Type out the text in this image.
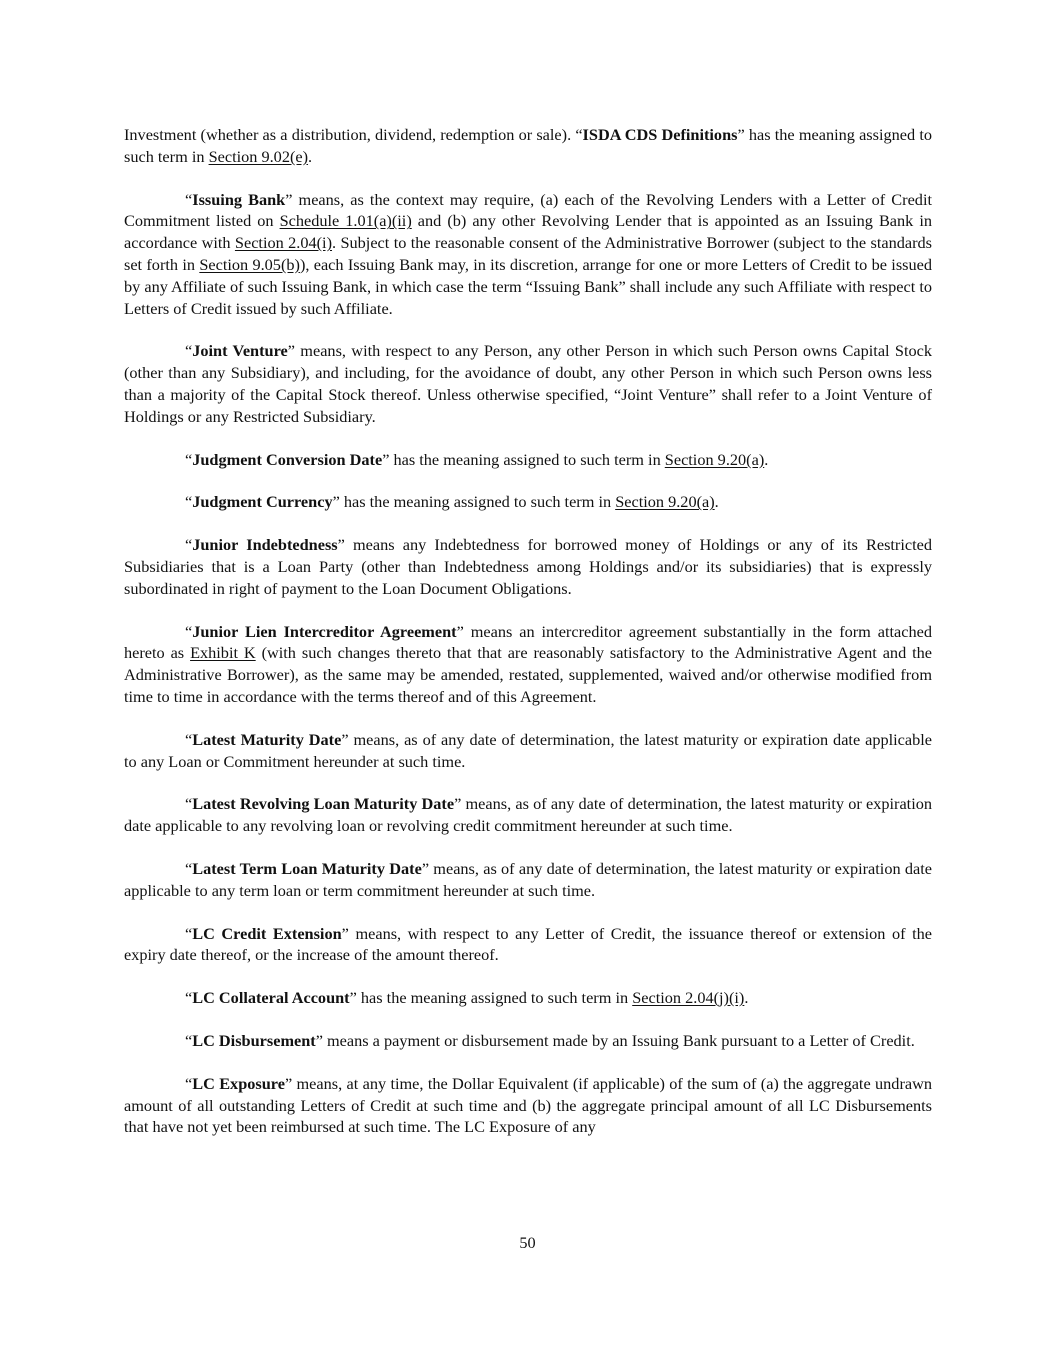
Investment (whether as a distribution, dividend, redemption or sale). “ISDA CDS Definitions” has the meaning assigned to such term in Section 9.02(e).

“Issuing Bank” means, as the context may require, (a) each of the Revolving Lenders with a Letter of Credit Commitment listed on Schedule 1.01(a)(ii) and (b) any other Revolving Lender that is appointed as an Issuing Bank in accordance with Section 2.04(i). Subject to the reasonable consent of the Administrative Borrower (subject to the standards set forth in Section 9.05(b)), each Issuing Bank may, in its discretion, arrange for one or more Letters of Credit to be issued by any Affiliate of such Issuing Bank, in which case the term “Issuing Bank” shall include any such Affiliate with respect to Letters of Credit issued by such Affiliate.

“Joint Venture” means, with respect to any Person, any other Person in which such Person owns Capital Stock (other than any Subsidiary), and including, for the avoidance of doubt, any other Person in which such Person owns less than a majority of the Capital Stock thereof. Unless otherwise specified, “Joint Venture” shall refer to a Joint Venture of Holdings or any Restricted Subsidiary.

“Judgment Conversion Date” has the meaning assigned to such term in Section 9.20(a).

“Judgment Currency” has the meaning assigned to such term in Section 9.20(a).

“Junior Indebtedness” means any Indebtedness for borrowed money of Holdings or any of its Restricted Subsidiaries that is a Loan Party (other than Indebtedness among Holdings and/or its subsidiaries) that is expressly subordinated in right of payment to the Loan Document Obligations.

“Junior Lien Intercreditor Agreement” means an intercreditor agreement substantially in the form attached hereto as Exhibit K (with such changes thereto that that are reasonably satisfactory to the Administrative Agent and the Administrative Borrower), as the same may be amended, restated, supplemented, waived and/or otherwise modified from time to time in accordance with the terms thereof and of this Agreement.

“Latest Maturity Date” means, as of any date of determination, the latest maturity or expiration date applicable to any Loan or Commitment hereunder at such time.

“Latest Revolving Loan Maturity Date” means, as of any date of determination, the latest maturity or expiration date applicable to any revolving loan or revolving credit commitment hereunder at such time.

“Latest Term Loan Maturity Date” means, as of any date of determination, the latest maturity or expiration date applicable to any term loan or term commitment hereunder at such time.

“LC Credit Extension” means, with respect to any Letter of Credit, the issuance thereof or extension of the expiry date thereof, or the increase of the amount thereof.

“LC Collateral Account” has the meaning assigned to such term in Section 2.04(j)(i).

“LC Disbursement” means a payment or disbursement made by an Issuing Bank pursuant to a Letter of Credit.

“LC Exposure” means, at any time, the Dollar Equivalent (if applicable) of the sum of (a) the aggregate undrawn amount of all outstanding Letters of Credit at such time and (b) the aggregate principal amount of all LC Disbursements that have not yet been reimbursed at such time. The LC Exposure of any

50
